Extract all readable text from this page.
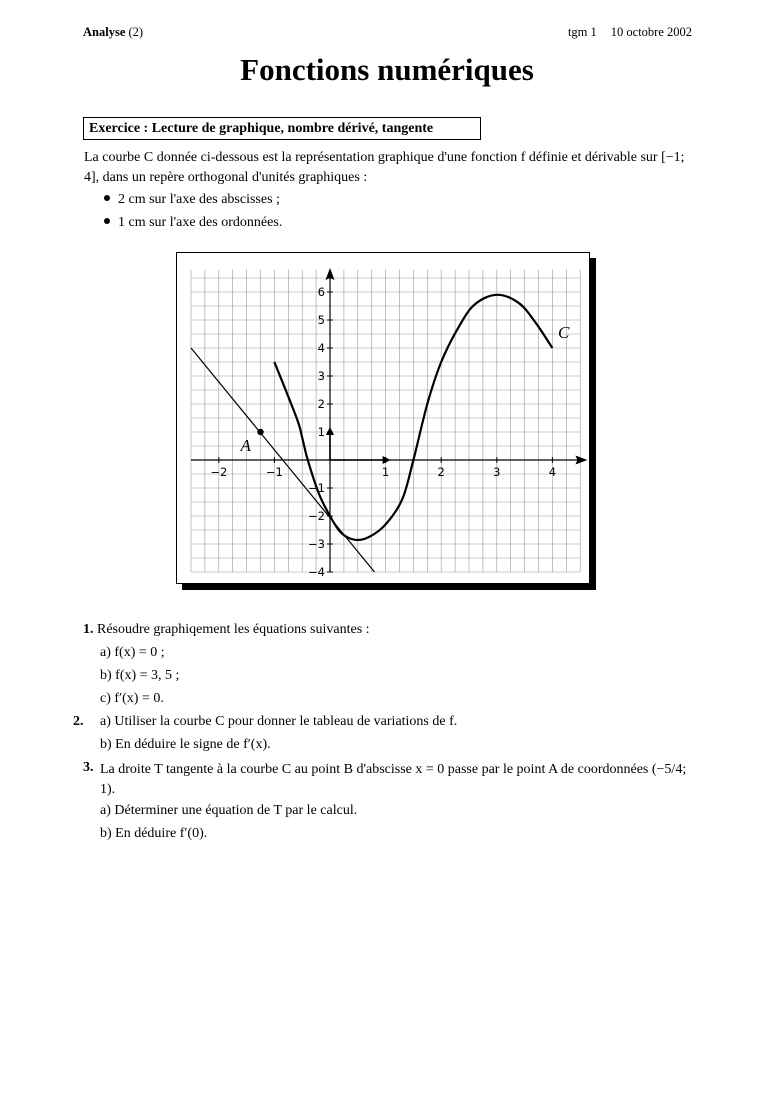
Analyse (2)	tgm 1 10 octobre 2002
Fonctions numériques
Exercice : Lecture de graphique, nombre dérivé, tangente
La courbe C donnée ci-dessous est la représentation graphique d'une fonction f définie et dérivable sur [−1; 4], dans un repère orthogonal d'unités graphiques :
2 cm sur l'axe des abscisses ;
1 cm sur l'axe des ordonnées.
−2	−1	1	2	3	4
−4
−3
−2
−1
1
2
3
4
5
6
A
C
1. Résoudre graphiqement les équations suivantes :
a) f(x) = 0 ;
b) f(x) = 3, 5 ;
c) f′(x) = 0.
2. a) Utiliser la courbe C pour donner le tableau de variations de f.
b) En déduire le signe de f′(x).
3. La droite T tangente à la courbe C au point B d'abscisse x = 0 passe par le point A de coordonnées (−5/4; 1).
a) Déterminer une équation de T par le calcul.
b) En déduire f′(0).
